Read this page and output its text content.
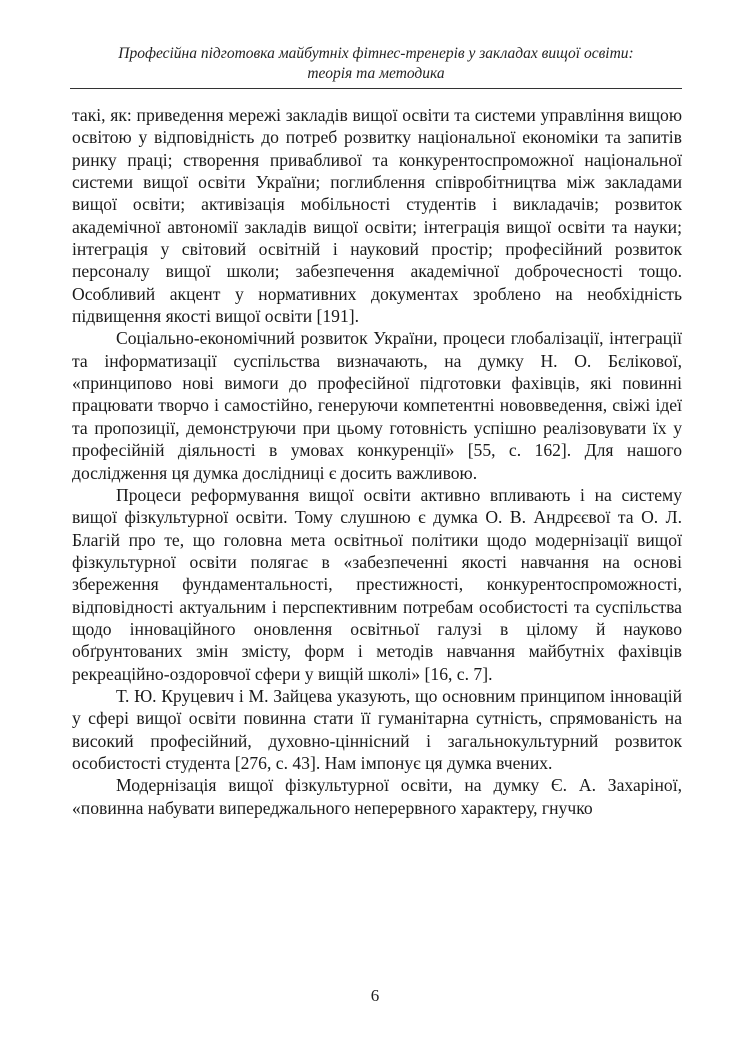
Професійна підготовка майбутніх фітнес-тренерів у закладах вищої освіти:
теорія та методика

такі, як: приведення мережі закладів вищої освіти та системи управління вищою освітою у відповідність до потреб розвитку національної економіки та запитів ринку праці; створення привабливої та конкурентоспроможної національної системи вищої освіти України; поглиблення співробітництва між закладами вищої освіти; активізація мобільності студентів і викладачів; розвиток академічної автономії закладів вищої освіти; інтеграція вищої освіти та науки; інтеграція у світовий освітній і науковий простір; професійний розвиток персоналу вищої школи; забезпечення академічної доброчесності тощо. Особливий акцент у нормативних документах зроблено на необхідність підвищення якості вищої освіти [191].

Соціально-економічний розвиток України, процеси глобалізації, інтеграції та інформатизації суспільства визначають, на думку Н. О. Бєлікової, «принципово нові вимоги до професійної підготовки фахівців, які повинні працювати творчо і самостійно, генеруючи компетентні нововведення, свіжі ідеї та пропозиції, демонструючи при цьому готовність успішно реалізовувати їх у професійній діяльності в умовах конкуренції» [55, с. 162]. Для нашого дослідження ця думка дослідниці є досить важливою.

Процеси реформування вищої освіти активно впливають і на систему вищої фізкультурної освіти. Тому слушною є думка О. В. Андрєєвої та О. Л. Благій про те, що головна мета освітньої політики щодо модернізації вищої фізкультурної освіти полягає в «забезпеченні якості навчання на основі збереження фундаментальності, престижності, конкурентоспроможності, відповідності актуальним і перспективним потребам особистості та суспільства щодо інноваційного оновлення освітньої галузі в цілому й науково обґрунтованих змін змісту, форм і методів навчання майбутніх фахівців рекреаційно-оздоровчої сфери у вищій школі» [16, с. 7].

Т. Ю. Круцевич і М. Зайцева указують, що основним принципом інновацій у сфері вищої освіти повинна стати її гуманітарна сутність, спрямованість на високий професійний, духовно-ціннісний і загальнокультурний розвиток особистості студента [276, с. 43]. Нам імпонує ця думка вчених.

Модернізація вищої фізкультурної освіти, на думку Є. А. Захаріної, «повинна набувати випереджального неперервного характеру, гнучко

6
